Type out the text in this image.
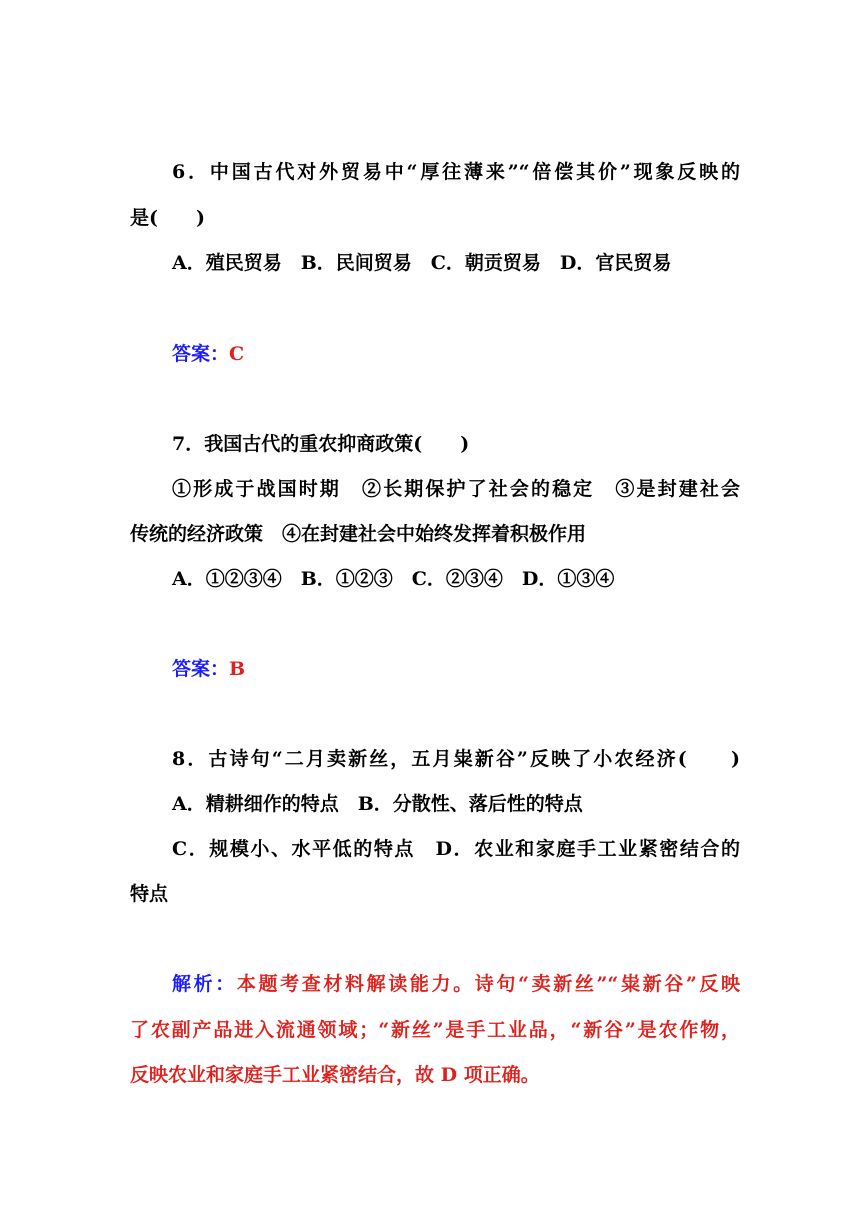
6．中国古代对外贸易中“厚往薄来”“倍偿其价”现象反映的
是(　　)
A．殖民贸易　B．民间贸易　C．朝贡贸易　D．官民贸易
答案：C
7．我国古代的重农抑商政策(　　)
①形成于战国时期　②长期保护了社会的稳定　③是封建社会
传统的经济政策　④在封建社会中始终发挥着积极作用
A．①②③④　B．①②③　C．②③④　D．①③④
答案：B
8．古诗句“二月卖新丝，五月粜新谷”反映了小农经济(　　)
A．精耕细作的特点　B．分散性、落后性的特点
C．规模小、水平低的特点　D．农业和家庭手工业紧密结合的
特点
解析：本题考查材料解读能力。诗句“卖新丝”“粜新谷”反映
了农副产品进入流通领域；“新丝”是手工业品，“新谷”是农作物，
反映农业和家庭手工业紧密结合，故 D 项正确。
